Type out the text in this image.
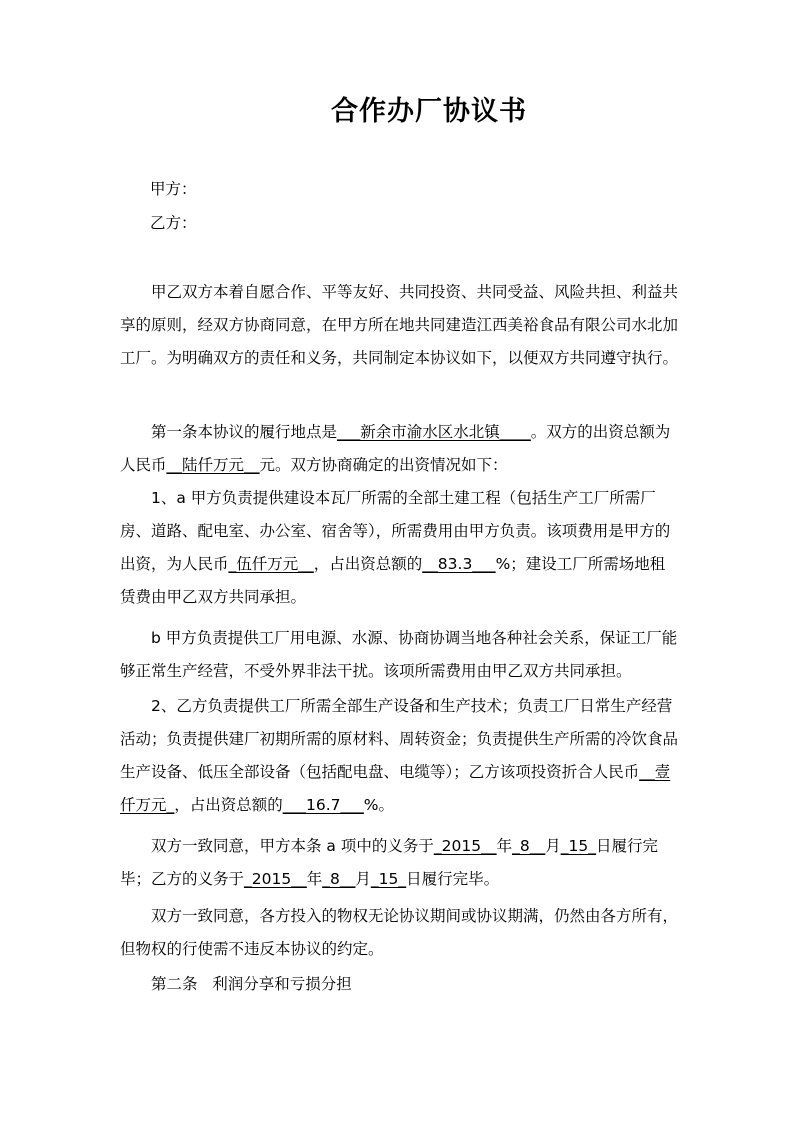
合作办厂协议书
甲方：
乙方：

甲乙双方本着自愿合作、平等友好、共同投资、共同受益、风险共担、利益共享的原则，经双方协商同意，在甲方所在地共同建造江西美裕食品有限公司水北加工厂。为明确双方的责任和义务，共同制定本协议如下，以便双方共同遵守执行。

第一条本协议的履行地点是___新余市渝水区水北镇____。双方的出资总额为人民币__陆仟万元__元。双方协商确定的出资情况如下：

1、a 甲方负责提供建设本瓦厂所需的全部土建工程（包括生产工厂所需厂房、道路、配电室、办公室、宿舍等），所需费用由甲方负责。该项费用是甲方的出资，为人民币_伍仟万元__，占出资总额的__83.3___%；建设工厂所需场地租赁费由甲乙双方共同承担。

b 甲方负责提供工厂用电源、水源、协商协调当地各种社会关系，保证工厂能够正常生产经营，不受外界非法干扰。该项所需费用由甲乙双方共同承担。

2、乙方负责提供工厂所需全部生产设备和生产技术；负责工厂日常生产经营活动；负责提供建厂初期所需的原材料、周转资金；负责提供生产所需的冷饮食品生产设备、低压全部设备（包括配电盘、电缆等）；乙方该项投资折合人民币__壹仟万元_，占出资总额的___16.7___%。

双方一致同意，甲方本条 a 项中的义务于_2015__年_8__月_15_日履行完毕；乙方的义务于_2015__年_8__月_15_日履行完毕。

双方一致同意，各方投入的物权无论协议期间或协议期满，仍然由各方所有，但物权的行使需不违反本协议的约定。

第二条   利润分享和亏损分担
